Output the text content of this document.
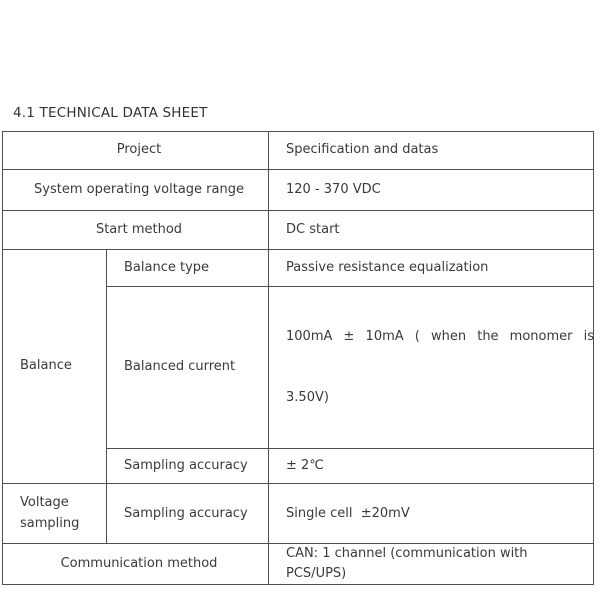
4.1 TECHNICAL DATA SHEET
Project		Specification and datas
System operating voltage range		120 - 370 VDC
Start method		DC start
Balance	Balance type	Passive resistance equalization
	Balanced current	100mA ± 10mA ( when the monomer is

3.50V)

	Sampling accuracy	± 2℃
Voltage sampling	Sampling accuracy	Single cell  ±20mV
Communication method		CAN: 1 channel (communication with PCS/UPS)
